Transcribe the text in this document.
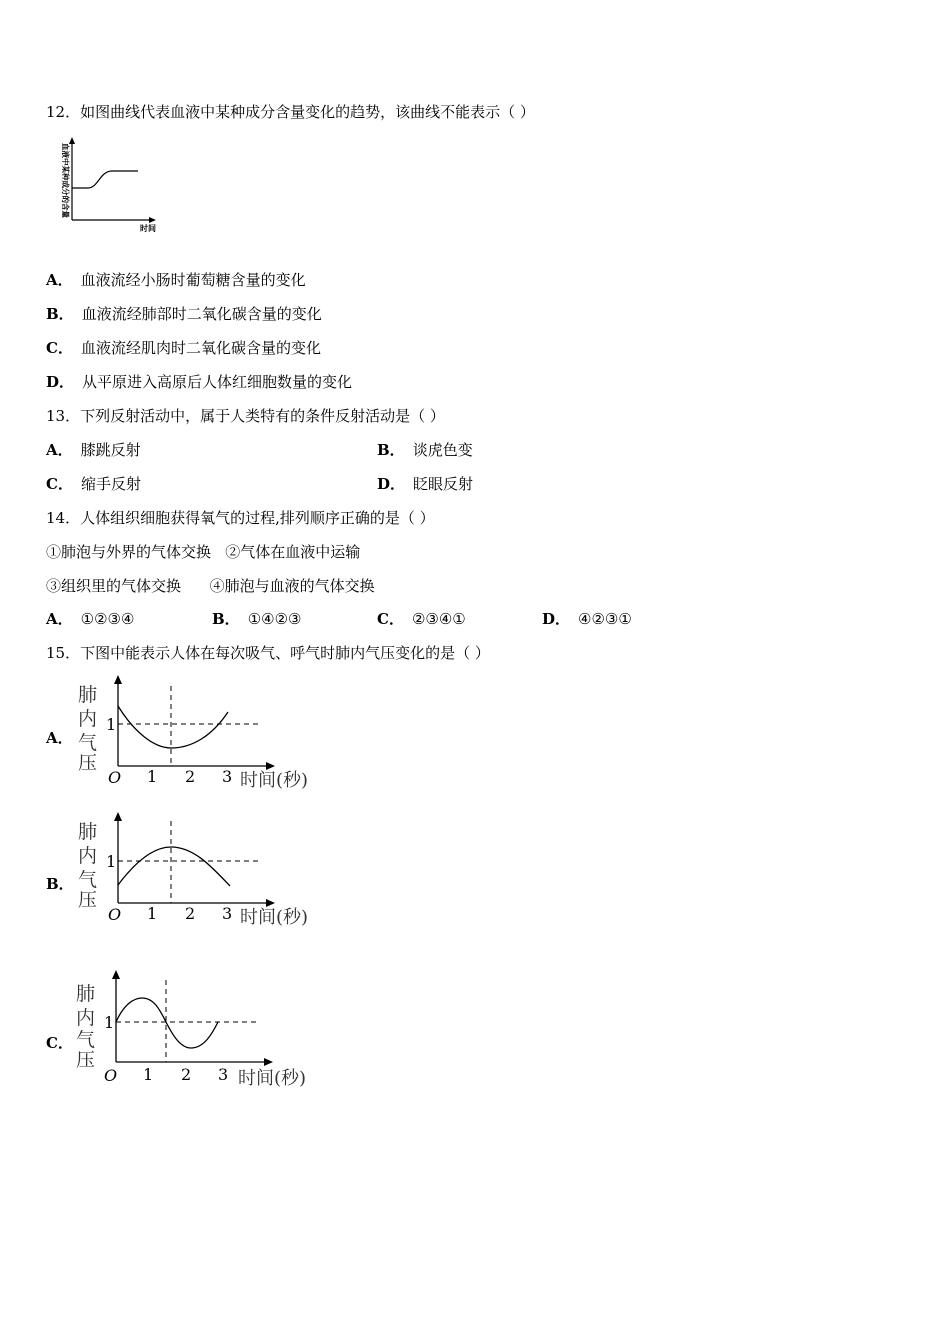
12．如图曲线代表血液中某种成分含量变化的趋势，该曲线不能表示（ ）
血液中某种成分的含量
时间
A． 血液流经小肠时葡萄糖含量的变化
B． 血液流经肺部时二氧化碳含量的变化
C． 血液流经肌肉时二氧化碳含量的变化
D． 从平原进入高原后人体红细胞数量的变化
13．下列反射活动中，属于人类特有的条件反射活动是（ ）
A． 膝跳反射	B． 谈虎色变
C． 缩手反射	D． 眨眼反射
14．人体组织细胞获得氧气的过程,排列顺序正确的是（ ）
①肺泡与外界的气体交换   ②气体在血液中运输
③组织里的气体交换      ④肺泡与血液的气体交换
A． ①②③④	B． ①④②③	C． ②③④①	D． ④②③①
15．下图中能表示人体在每次吸气、呼气时肺内气压变化的是（ ）
A．
肺
内
气
压
1
O 1 2 3 时间(秒)
B．
肺
内
气
压
1
O 1 2 3 时间(秒)
C．
肺
内
气
压
1
O 1 2 3 时间(秒)
